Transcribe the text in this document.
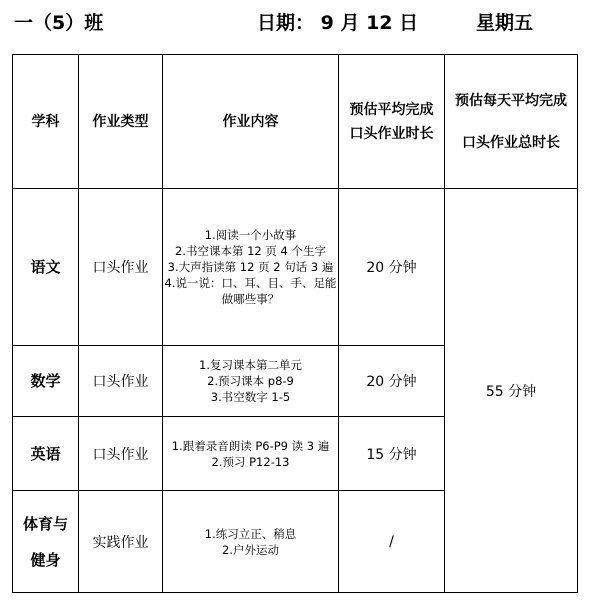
一（5）班	日期： 9 月 12 日	星期五
学科	作业类型	作业内容	预估平均完成口头作业时长	预估每天平均完成口头作业总时长
语文	口头作业	1.阅读一个小故事
2.书空课本第 12 页 4 个生字
3.大声指读第 12 页 2 句话 3 遍
4.说一说：口、耳、目、手、足能做哪些事？	20 分钟	55 分钟
数学	口头作业	1.复习课本第二单元
2.预习课本 p8-9
3.书空数字 1-5	20 分钟	
英语	口头作业	1.跟着录音朗读 P6-P9 读 3 遍
2.预习 P12-13	15 分钟	
体育与健身	实践作业	1.练习立正、稍息
2.户外运动	/	
